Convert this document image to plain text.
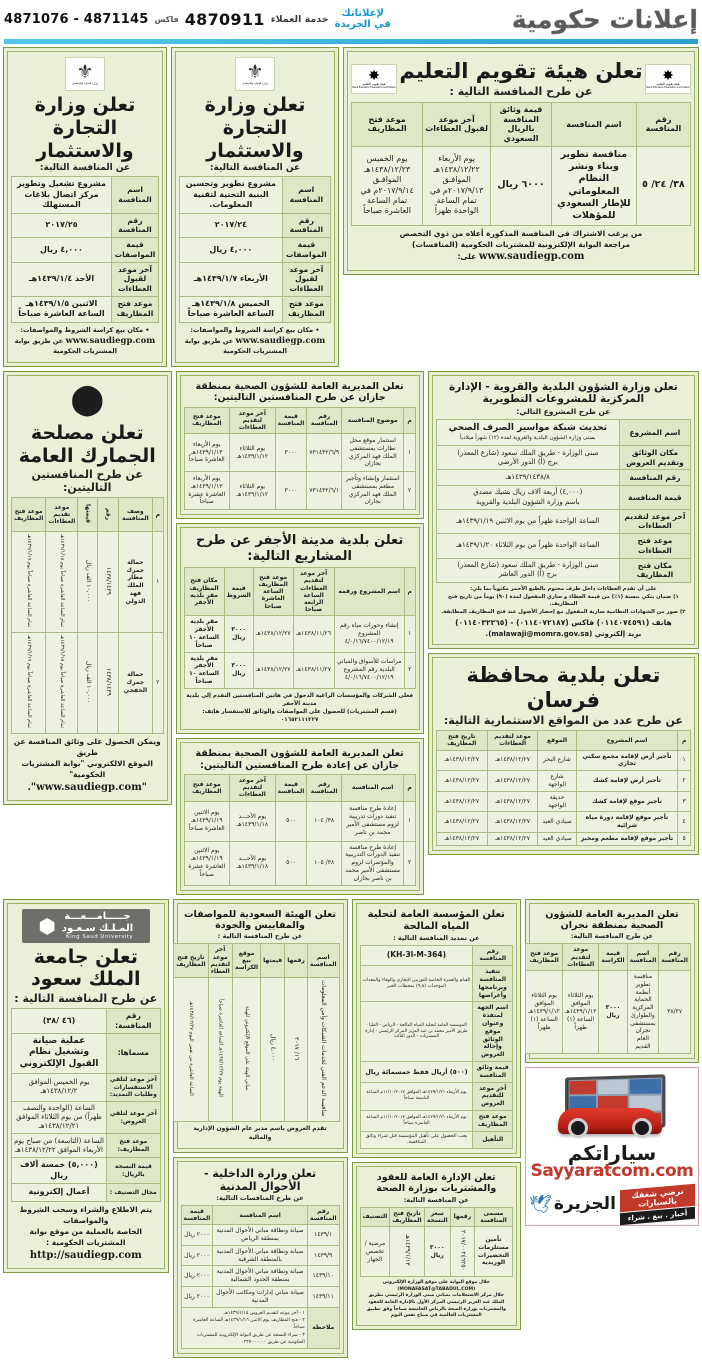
إعلانات حكومية
لإعلاناتك
في الجريدة
خدمة العملاء
4870911
فاكس
4871145 - 4871076
✸
هيئة تقويم التعليم
Saudi Education Evaluation Commission
تعلن هيئة تقويم التعليم
عن طرح المنافسة التالية :
✸
هيئة تقويم التعليم
Saudi Education Evaluation Commission
رقم المنافسة	اسم المنافسة	قيمة وثائق المنافسة بالريال السعودي	آخر موعد لقبول العطاءات	موعد فتح المظاريف
٣٨/ ٢٤/ ٥	منافسة تطوير وبناء ونشر النظام المعلوماتي للإطار السعودي للمؤهلات	٦٠٠٠ ريال	يوم الأربعاء ١٤٣٨/١٢/٢٢هـ الموافـق ٢٠١٧/٩/١٣م في تمام الساعة الواحدة ظهراً	يوم الخميس ١٤٣٨/١٢/٢٣هـ الموافـق ٢٠١٧/٩/١٤م في تمام الساعة العاشرة صباحاً
من يرغب الاشتراك في المنافسة المذكورة أعلاه من ذوي التخصص
مراجعة البوابة الإلكترونية للمشتريات الحكومية (المنافسات)
www.saudiegp.com على:
⚜
وزارة التجارة والاستثمار
تعلن وزارة التجارة والاستثمار
عن المنافسة التالية:
اسم المنافسة	مشروع تطوير وتحسين البنية التحتية لتقنية المعلومات.
رقم المنافسة	٢٠١٧/٢٤
قيمة المواصفات	٤,٠٠٠ ريال
آخر موعد لقبول العطاءات	الأربعاء ١٤٣٩/١/٧هـ
موعد فتح المظاريف	الخميس ١٤٣٩/١/٨هـ الساعة العاشرة صباحاً
• مكان بيع كراسة الشروط والمواصفات:
www.saudiegp.com عن طريق بوابة المشتريات الحكومية
⚜
وزارة التجارة والاستثمار
تعلن وزارة التجارة والاستثمار
عن المنافسة التالية:
اسم المنافسة	مشروع تشغيل وتطوير مركز اتصال بلاغات المستهلك
رقم المنافسة	٢٠١٧/٢٥
قيمة المواصفات	٤,٠٠٠ ريال
آخر موعد لقبول العطاءات	الأحد ١٤٣٩/١/٤هـ
موعد فتح المظاريف	الاثنين ١٤٣٩/١/٥هـ الساعة العاشرة صباحاً
• مكان بيع كراسة الشروط والمواصفات:
www.saudiegp.com عن طريق بوابة المشتريات الحكومية
تعلن وزارة الشؤون البلدية والقروية - الإدارة المركزية للمشروعات التطويرية
عن طرح المشروع التالي:
اسم المشروع	تحديث شبكة مواسير الصرف الصحي
بمبنى وزارة الشؤون البلدية والقروية لمدة (١٢) شهراً ميلادياً

مكان الوثائق وتقديم العروض	مبنى الوزارة - طريق الملك سعود (شارع المعذر)
برج (أ) الدور الأرضي

رقم المنافسة	١٤٣٩/١٤٣٨/٨هـ
قيمة المنافسة	(٤,٠٠٠) أربعة آلاف ريال بشيك مصدق
باسم وزارة الشؤون البلدية والقروية

آخر موعد لتقديم العطاءات	الساعة الواحدة ظهراً من يوم الاثنين ١٤٣٩/١/١٩هـ
موعد فتح العطاءات	الساعة الواحدة ظهراً من يوم الثلاثاء ١٤٣٩/١/٢٠هـ
مكان فتح المظاريف	مبنى الوزارة - طريق الملك سعود (شارع المعذر)
برج (أ) الدور العاشر
على أن تقدم العطاءات داخل ظرف مختوم بالطبع الأحمر مكتوباً بما يلي:
١) ضمان بنكي بنسبة (١٪) من قيمة العطاء و ساري المفعول لمدة (٩٠) يوماً من تاريخ فتح المظاريف.
٢) صور من الشهادات النظامية سارية المفعول مع إحضار الأصول عند فتح المظاريف المطابقة.
هاتف (٠١١٤٠٧٤٥٩١) فاكس (٠١١٤٠٧٢١٨٧) - (٠١١٤٠٣٢٢٦٥)
بريد إلكتروني (malawaji@momra.gov.sa).
تعلن بلدية محافظة فرسان
عن طرح عدد من المواقع الاستثمارية التالية:
م	اسم المشروع	الموقع	موعد لتقديم العطاءات	تاريخ فتح المظاريف
١	تأجير أرض لإقامة مجمع سكني تجاري	شارع البحر	١٤٣٨/١٢/٢٧هـ	١٤٣٨/١٢/٢٧هـ
٢	تأجير أرض لإقامة كشك	شارع الواجهة	١٤٣٨/١٢/٢٧هـ	١٤٣٨/١٢/٢٧هـ
٣	تأجير موقع لإقامة كشك	حديقة الواجهة	١٤٣٨/١٢/٢٧هـ	١٤٣٨/١٢/٢٧هـ
٤	تأجير موقع لإقامة دورة مياه شرائية	صيادي العيد	١٤٣٨/١٢/٢٧هـ	١٤٣٨/١٢/٢٧هـ
٥	تأجير موقع لإقامة مطعم ومخبز	صيادي العيد	١٤٣٨/١٢/٢٧هـ	١٤٣٨/١٢/٢٧هـ
تعلن المديرية العامة للشؤون الصحية بمنطقة جازان عن طرح المنافستين التاليتين:
م	موضوع المنافسة	رقم المنافسة	قيمة المنافسة	آخر موعد لتقديم العطاءات	موعد فتح المظاريف
١	استثمار موقع محل نظارات بمستشفى الملك فهد المركزي بجازان	٧٣١٤٣٢/٦/٩	٣٠٠٠	يوم الثلاثاء ١٤٣٩/١/١٢هـ	يوم الأربعاء ١٤٣٩/١/١٣هـ العاشرة صباحاً
٢	استثمار وإنشاء وتأجير مطعم بمستشفى الملك فهد المركزي بجازان	٧٣١٤٣٢/٦/١	٣٠٠٠	يوم الثلاثاء ١٤٣٩/١/١٢هـ	يوم الأربعاء ١٤٣٩/١/١٣هـ العاشرة عشرة صباحاً
تعلن بلدية مدينة الأجفر عن طرح المشاريع التالية:
م	اسم المشروع ورقمه	آخر موعد لتقديم العطاءات الساعة الرابعة صباحا	موعد فتح المظاريف الساعة العاشرة صباحا	قيمة الشروط	مكان فتح المظاريف مقر بلدية الأجفر
١	إنشاء وحورات مياه رقم المشروع ٤/٠/١٦/٧٤٠٠/١٢/١٩	١٤٣٨/١١/٢٦هـ	١٤٣٨/١٢/٢٧هـ	٣٠٠٠ ريال	مقر بلدية الأجفر الساعة ١٠ صباحاً
٢	مراسات للأسواق والمباني البلدية رقم المشروع ٤/٠/١٦/٧٤٠٠/١٢/١٩	١٤٣٨/١١/٢٧هـ	١٤٣٨/١٢/٢٧هـ	٣٠٠٠ ريال	مقر بلدية الأجفر الساعة ١٠ صباحاً
فعلى الشركات والمؤسسات الراغبة الدخول في هاتين المنافستين التقدم إلى بلدية مدينة الأجفر
(قسم المشتريات) للحصول على المواصفات والوثائق للاستفسار هاتف: ٠١٦٥٢١١١٢٢٧
تعلن المديرية العامة للشؤون الصحية بمنطقة جازان عن إعادة طرح المنافستين التاليتين:
م	اسم المنافسة	رقم المنافسة	قيمة المنافسة	آخر موعد لتقديم العطاءات	موعد فتح المظاريف
١	إعادة طرح منافسة تنفيذ دورات تدريبية لزوم مستشفى الأمير محمد بن ناصر	٣٨/ ١٠٤	٥٠٠	يوم الأحـــد ١٤٣٩/١/١٨هـ	يوم الاثنين ١٤٣٩/١/١٩هـ العاشرة صباحاً
٢	إعادة طرح منافسة تنفيذ الدورات التدريبية والمؤتمرات لزوم مستشفى الأمير محمد بن ناصر بجازان	٣٨/ ١٠٥	٥٠٠	يوم الأحـــد ١٤٣٩/١/١٨هـ	يوم الاثنين ١٤٣٩/١/١٩هـ العاشرة عشرة صباحاً
⬤
تعلن مصلحة الجمارك العامة
عن طرح المنافستين التاليتين:
م	وصف المنافسة	رقم	قيمتها	موعد تقديم العطاءات	موعد فتح المظاريف
١	حمالة جمرك مطار الملك فهد الدولي	١٤٣٨/١٤٣٩	١٠,٠٠٠ الف ريال	تمام الساعة العاشرة صباحاً يوم ١٤٣٩/١/١٨هـ	تمام الساعة العاشرة صباحاً يوم ١٤٣٩/١/١٩هـ
٢	حمالة جمرك الخفجي	١٤٣٨/١٤٣٩	١٠,٠٠٠ الف ريال	تمام الساعة العاشرة صباحاً يوم ١٤٣٩/١/١٨هـ	تمام الساعة العاشرة صباحاً يوم ١٤٣٩/١/١٩هـ
ويمكن الحصول على وثائق المنافسة عن طريق
الموقع الالكتروني "بوابة المشتريات الحكومية"
"www.saudiegp.com".
تعلن المديرية العامة للشؤون الصحية بمنطقة نجران
عن طرح المنافسة التالية:
رقم المنافسة	اسم المنافسة	قيمة الكراسة	موعد لتقديم العطاءات	موعد فتح المظاريف
٣٨/٢٧	منافسة تطوير أنظمة الحماية المركزية والطوارئ بمستشفى نجران العام القديم	٣٠٠٠ ريال	يوم الثلاثاء الموافق ١٤٣٩/١/١٢هـ الساعة (١) ظهراً	يوم الثلاثاء الموافق ١٤٣٩/١/١٢هـ الساعة (١) ظهراً
سياراتكم
Sayyaratcom.com
نرضي شغفك بالسيارات
أخبار . بيع . شراء
الجزيرة
🕊
تعلن المؤسسة العامة لتحلية المياه المالحة
عن تمديد المنافسة التالية :
رقم المنافسة	(KH-3l-M-364)
تنفيذ المنافسة وبرنامجها وأغراضها	القيام والعمرة الخاصة للتوربين البخاري والوقاء والمعدات الموحدات (٩,٨) بمحطات الخبر
اسم الجهة لمنفذة وعنوان موقع الوثائق وإحالة العروض	المؤسسة العامة لتحلية المياه المالحة - الرياض - العليا - طريق الأمير محمد بن عبد العزيز المركز الرئيسي - إدارة المشتريات - الدور الثالث
قيمة وثائق المنافسة	(٥٠٠) أريال فقط خمسمائة ريال
آخر موعد للتقديم العروض	يوم الأربعاء ١٤٣٩/١/٢١هـ الموافق ١١/١٠/٢٠١٧م الساعة التاسعة صباحاً
موعد فتح المظاريف	يوم الأربعاء ١٤٣٩/١/٢١هـ الموافق ١١/١٠/٢٠١٧م الساعة العاشرة صباحاً
التأهيل	يجب الحصول على تأهيل المؤسسة قبل شراء وثائق المنافسة.
تعلن الإدارة العامة للعقود والمشتريات بوزارة الصحة
عن المنافسة التالية:
مسمى المنافسة	رقمها	سعر النسخة	تاريخ فتح المظاريف	التصنيف
تأمين مستلزمات التحضيرات الوريدية	٢٠١٧/٠٠٢٤٦٢٥٠	٣٠٠٠ ريال	١٤٣٩/١/١٣هـ	مرضية / تخصص الجهاز
خلال موقع البوابة على موقع الوزارة الإلكتروني (MONAFASAT@TABADUL.COM)
خلال مركز الاستعلامات بمباني مبنى الوزارة الرئيسي بطريق الملك عبد العزيز الرئيسي المركز الأول بالإدارة العامة للعقود
والمشتريات بوزارة الصحة بالرياض الخامسة صباحاً وفق تطبيق المشتريات العالمية في صباح نفس اليوم
تعلن الهيئة السعودية للمواصفات والمقاييس والجودة
عن طرح المنافسة التالية :
اسم المنافسة	رقمها	قيمتها	موقع بيع الكراسة	آخر موعد لتقديم العطاء	تاريخ فتح المظاريف
منافسة الدعم الفني لخدمات الشبكات وأمن المعلومات	١٦/ ٢٠١٧	٤,٠٠٠ ريال	مباني الهيئة على الموقع الإلكتروني للهيئة	الهيئة يوم ١٤٣٨/١٢/٢٧هـ الساعة العاشرة صباحاً	الساعة العاشرة من نفس اليوم ١٤٣٨/١٢/٢٧هـ
تقدم العروض باسم مدير عام الشؤون الإدارية والمالية
تعلن وزارة الداخلية - الأحوال المدنية
عن طرح المنافسات التالية:
رقم المنافسة	اسم المنافسة	قيمة المنافسة
١٤٣٩/١	صيانة ونظافة مباني الأحوال المدنية بمنطقة الرياض	٢٠٠٠ ريال
١٤٣٩/٩	صيانة ونظافة مباني الأحوال المدنية بالمنطقة الشرقية	٢٠٠٠ ريال
١٤٣٩/١٠	صيانة ونظافة مباني الأحوال المدنية بمنطقة الحدود الشمالية	٢٠٠٠ ريال
١٤٣٩/١١	صيانة مباني إدارات ومكاتب الأحوال المدنية	٢٠٠٠ ريال
ملاحظة	١ - آخر موعد لتقديم العروض ١٤٣٩/١/١٥هـ.
٢ - فتح المظاريف يوم الاثنين ١٤٣٩/١/١٦هـ الساعة العاشرة صباحاً.
٣ - شراء النسخة عن طريق البوابة الإلكترونية للمشتريات الحكومية عن طريق ٠٢٢٧٠٠٠٠٠٠	
جـــــامـــعـــة
المـلـك سـعـود
King Saud University
⬢
تعلن جامعة الملك سعود
عن طرح المنافسة التالية :
رقم المنافسة:	(٤٦ /٣٨)
مسماها:	عملية صيانة وتشغيل نظام القبول الإلكتروني
آخر موعد لتلقي الاستفسارات وطلبات التمديد:	يوم الخميس الموافق ١٤٣٨/١٢/٢هـ
آخر موعد لتلقي العروض:	الساعة (الواحدة والنصف ظهراً) من يوم الثلاثاء الموافق ١٤٣٨/١٢/٢١هـ
موعد فتح المظاريف:	الساعة (التاسعة) من صباح يوم الأربعاء الموافق ١٤٣٨/١٢/٢٢هـ
قيمة النسخة بالريال:	(٥,٠٠٠) خمسة آلاف ريال
مجال التصنيف :	أعمال إلكترونية
يتم الاطلاع والشراء وسحب الشروط والمواصفات
الخاصة بالعملية من موقع بوابة المشتريات الحكومية :
http://saudiegp.com
